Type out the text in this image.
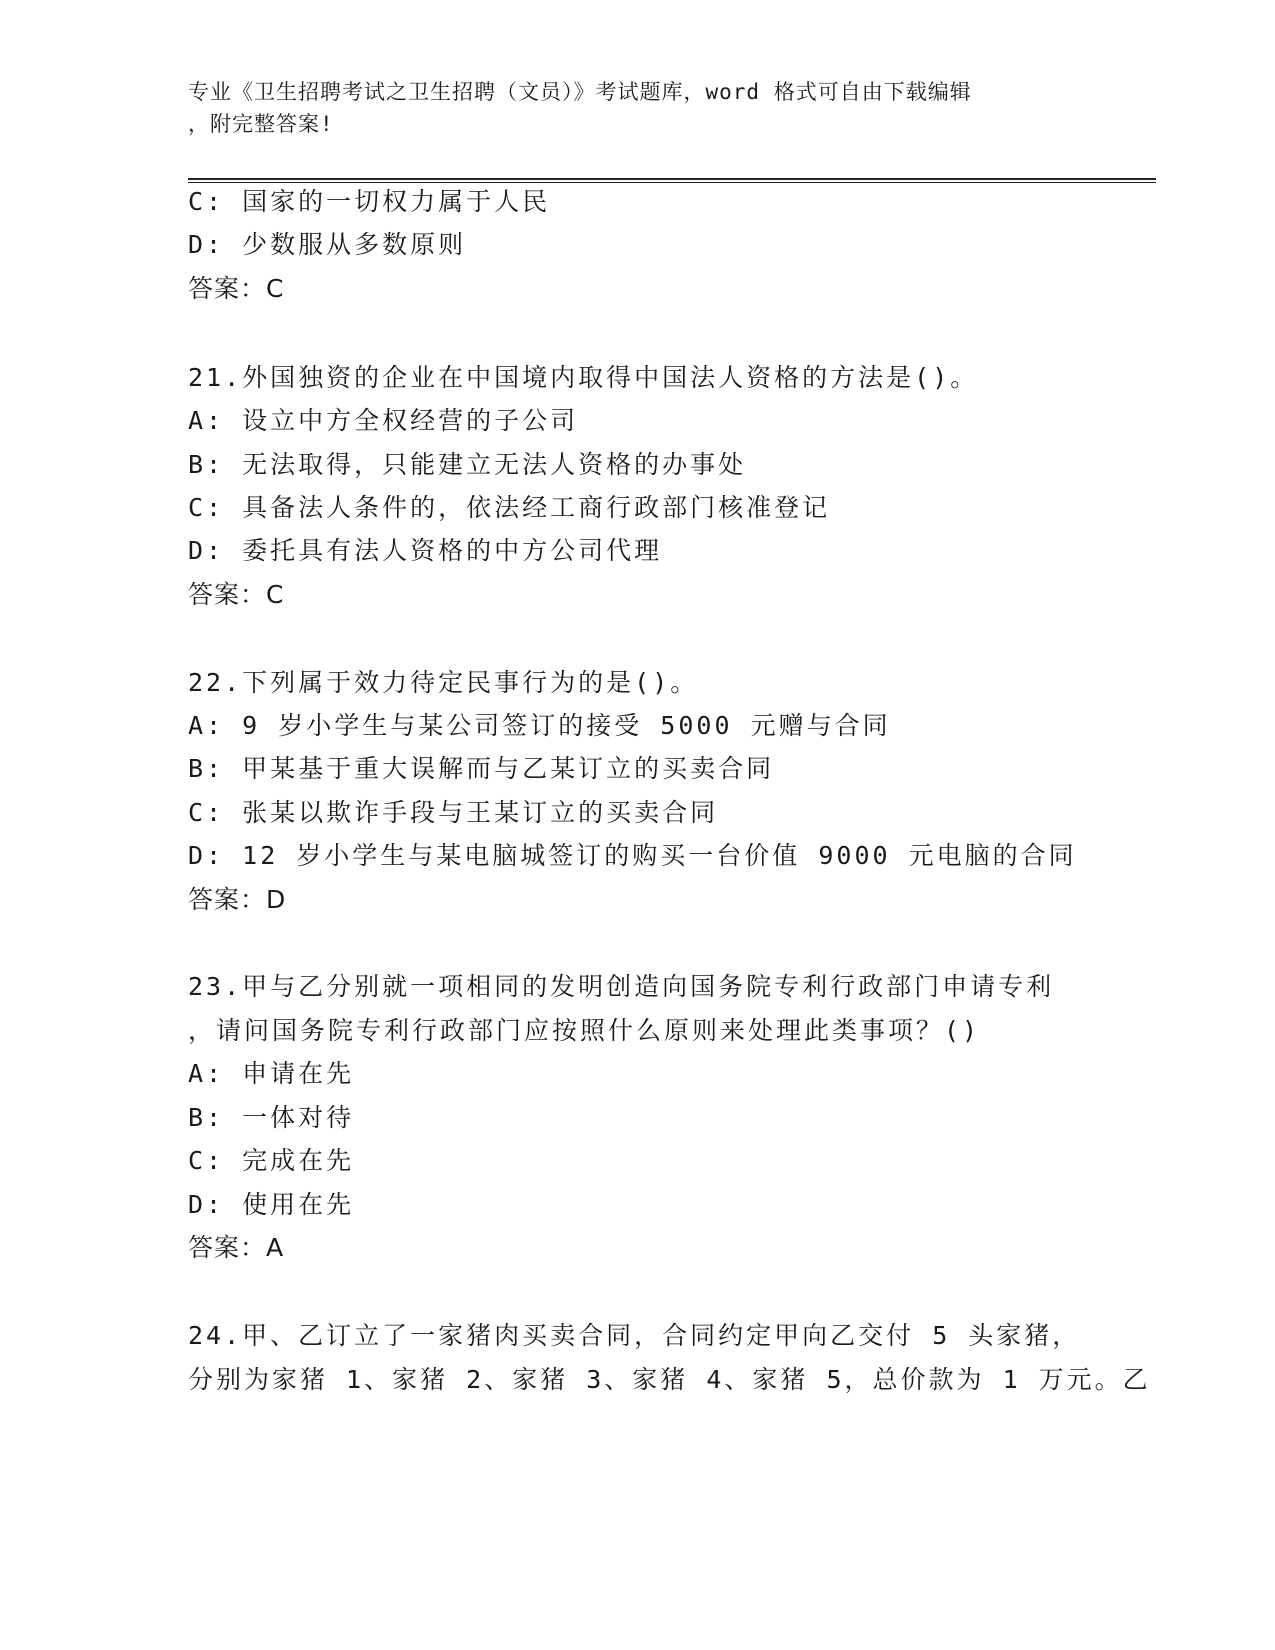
专业《卫生招聘考试之卫生招聘（文员）》考试题库，word 格式可自由下载编辑
，附完整答案!
C: 国家的一切权力属于人民
D: 少数服从多数原则
答案：C
21.外国独资的企业在中国境内取得中国法人资格的方法是()。
A: 设立中方全权经营的子公司
B: 无法取得，只能建立无法人资格的办事处
C: 具备法人条件的，依法经工商行政部门核准登记
D: 委托具有法人资格的中方公司代理
答案：C
22.下列属于效力待定民事行为的是()。
A: 9 岁小学生与某公司签订的接受 5000 元赠与合同
B: 甲某基于重大误解而与乙某订立的买卖合同
C: 张某以欺诈手段与王某订立的买卖合同
D: 12 岁小学生与某电脑城签订的购买一台价值 9000 元电脑的合同
答案：D
23.甲与乙分别就一项相同的发明创造向国务院专利行政部门申请专利
，请问国务院专利行政部门应按照什么原则来处理此类事项？()
A: 申请在先
B: 一体对待
C: 完成在先
D: 使用在先
答案：A
24.甲、乙订立了一家猪肉买卖合同，合同约定甲向乙交付 5 头家猪，
分别为家猪 1、家猪 2、家猪 3、家猪 4、家猪 5，总价款为 1 万元。乙
